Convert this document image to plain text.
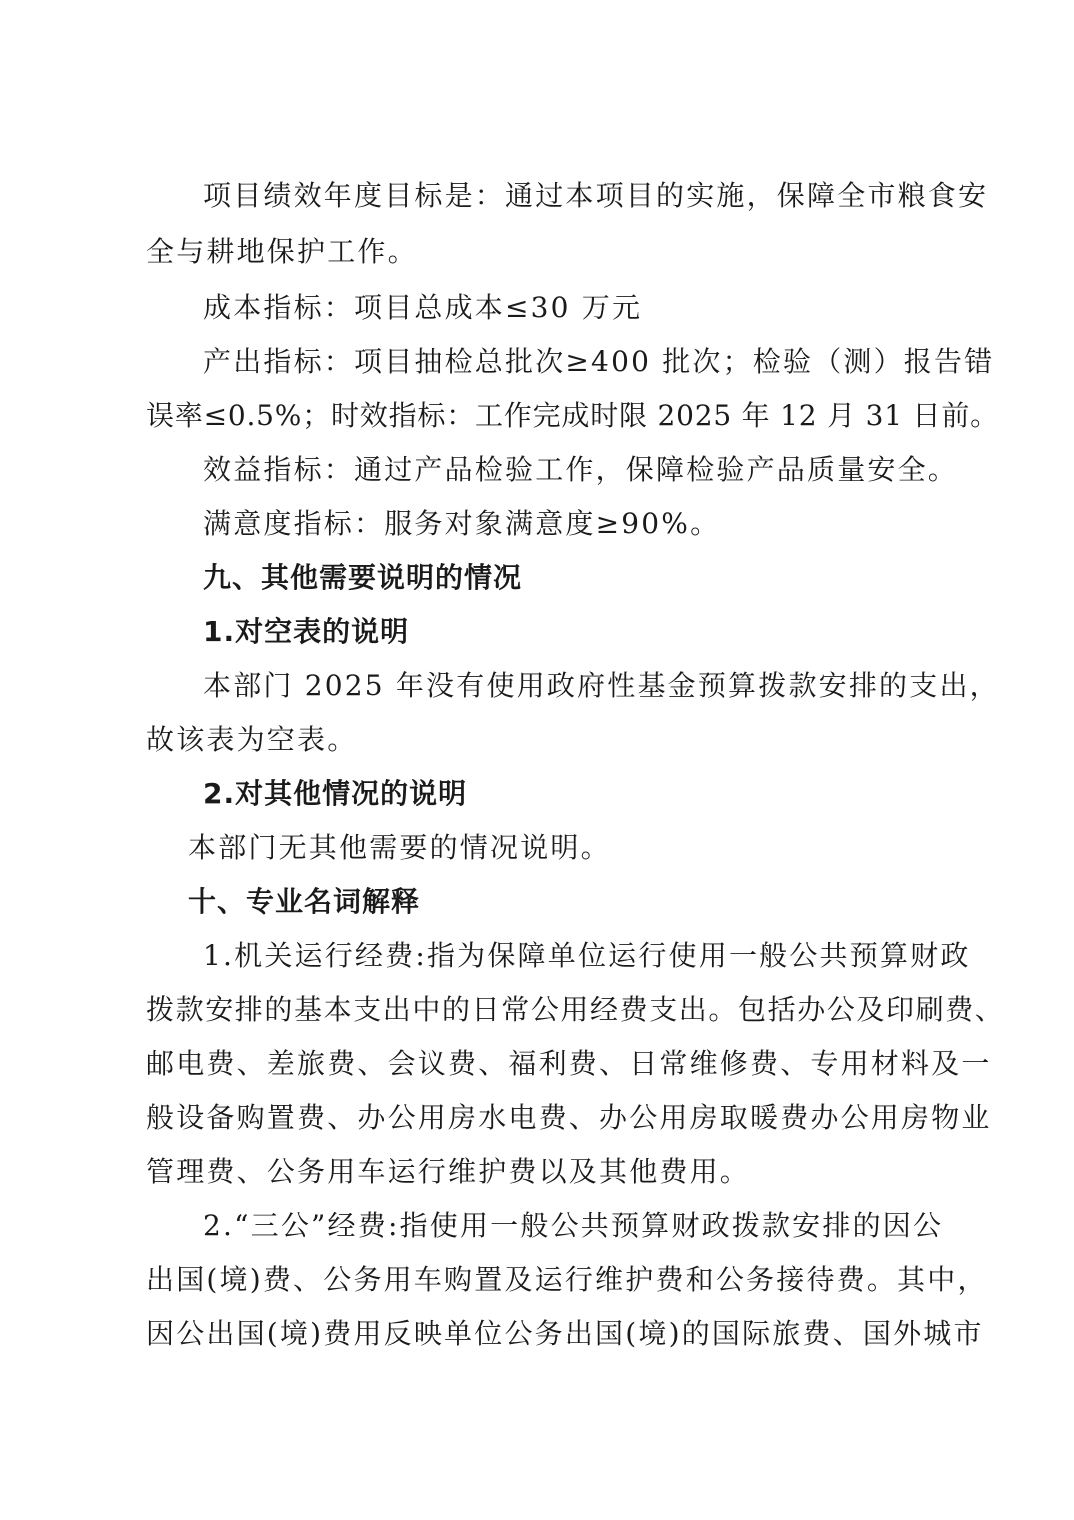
项目绩效年度目标是：通过本项目的实施，保障全市粮食安
全与耕地保护工作。
成本指标：项目总成本≤30 万元
产出指标：项目抽检总批次≥400 批次；检验（测）报告错
误率≤0.5%；时效指标：工作完成时限 2025 年 12 月 31 日前。
效益指标：通过产品检验工作，保障检验产品质量安全。
满意度指标：服务对象满意度≥90%。
九、其他需要说明的情况
1.对空表的说明
本部门 2025 年没有使用政府性基金预算拨款安排的支出，
故该表为空表。
2.对其他情况的说明
本部门无其他需要的情况说明。
十、专业名词解释
1.机关运行经费:指为保障单位运行使用一般公共预算财政
拨款安排的基本支出中的日常公用经费支出。包括办公及印刷费、
邮电费、差旅费、会议费、福利费、日常维修费、专用材料及一
般设备购置费、办公用房水电费、办公用房取暖费办公用房物业
管理费、公务用车运行维护费以及其他费用。
2.“三公”经费:指使用一般公共预算财政拨款安排的因公
出国(境)费、公务用车购置及运行维护费和公务接待费。其中，
因公出国(境)费用反映单位公务出国(境)的国际旅费、国外城市
